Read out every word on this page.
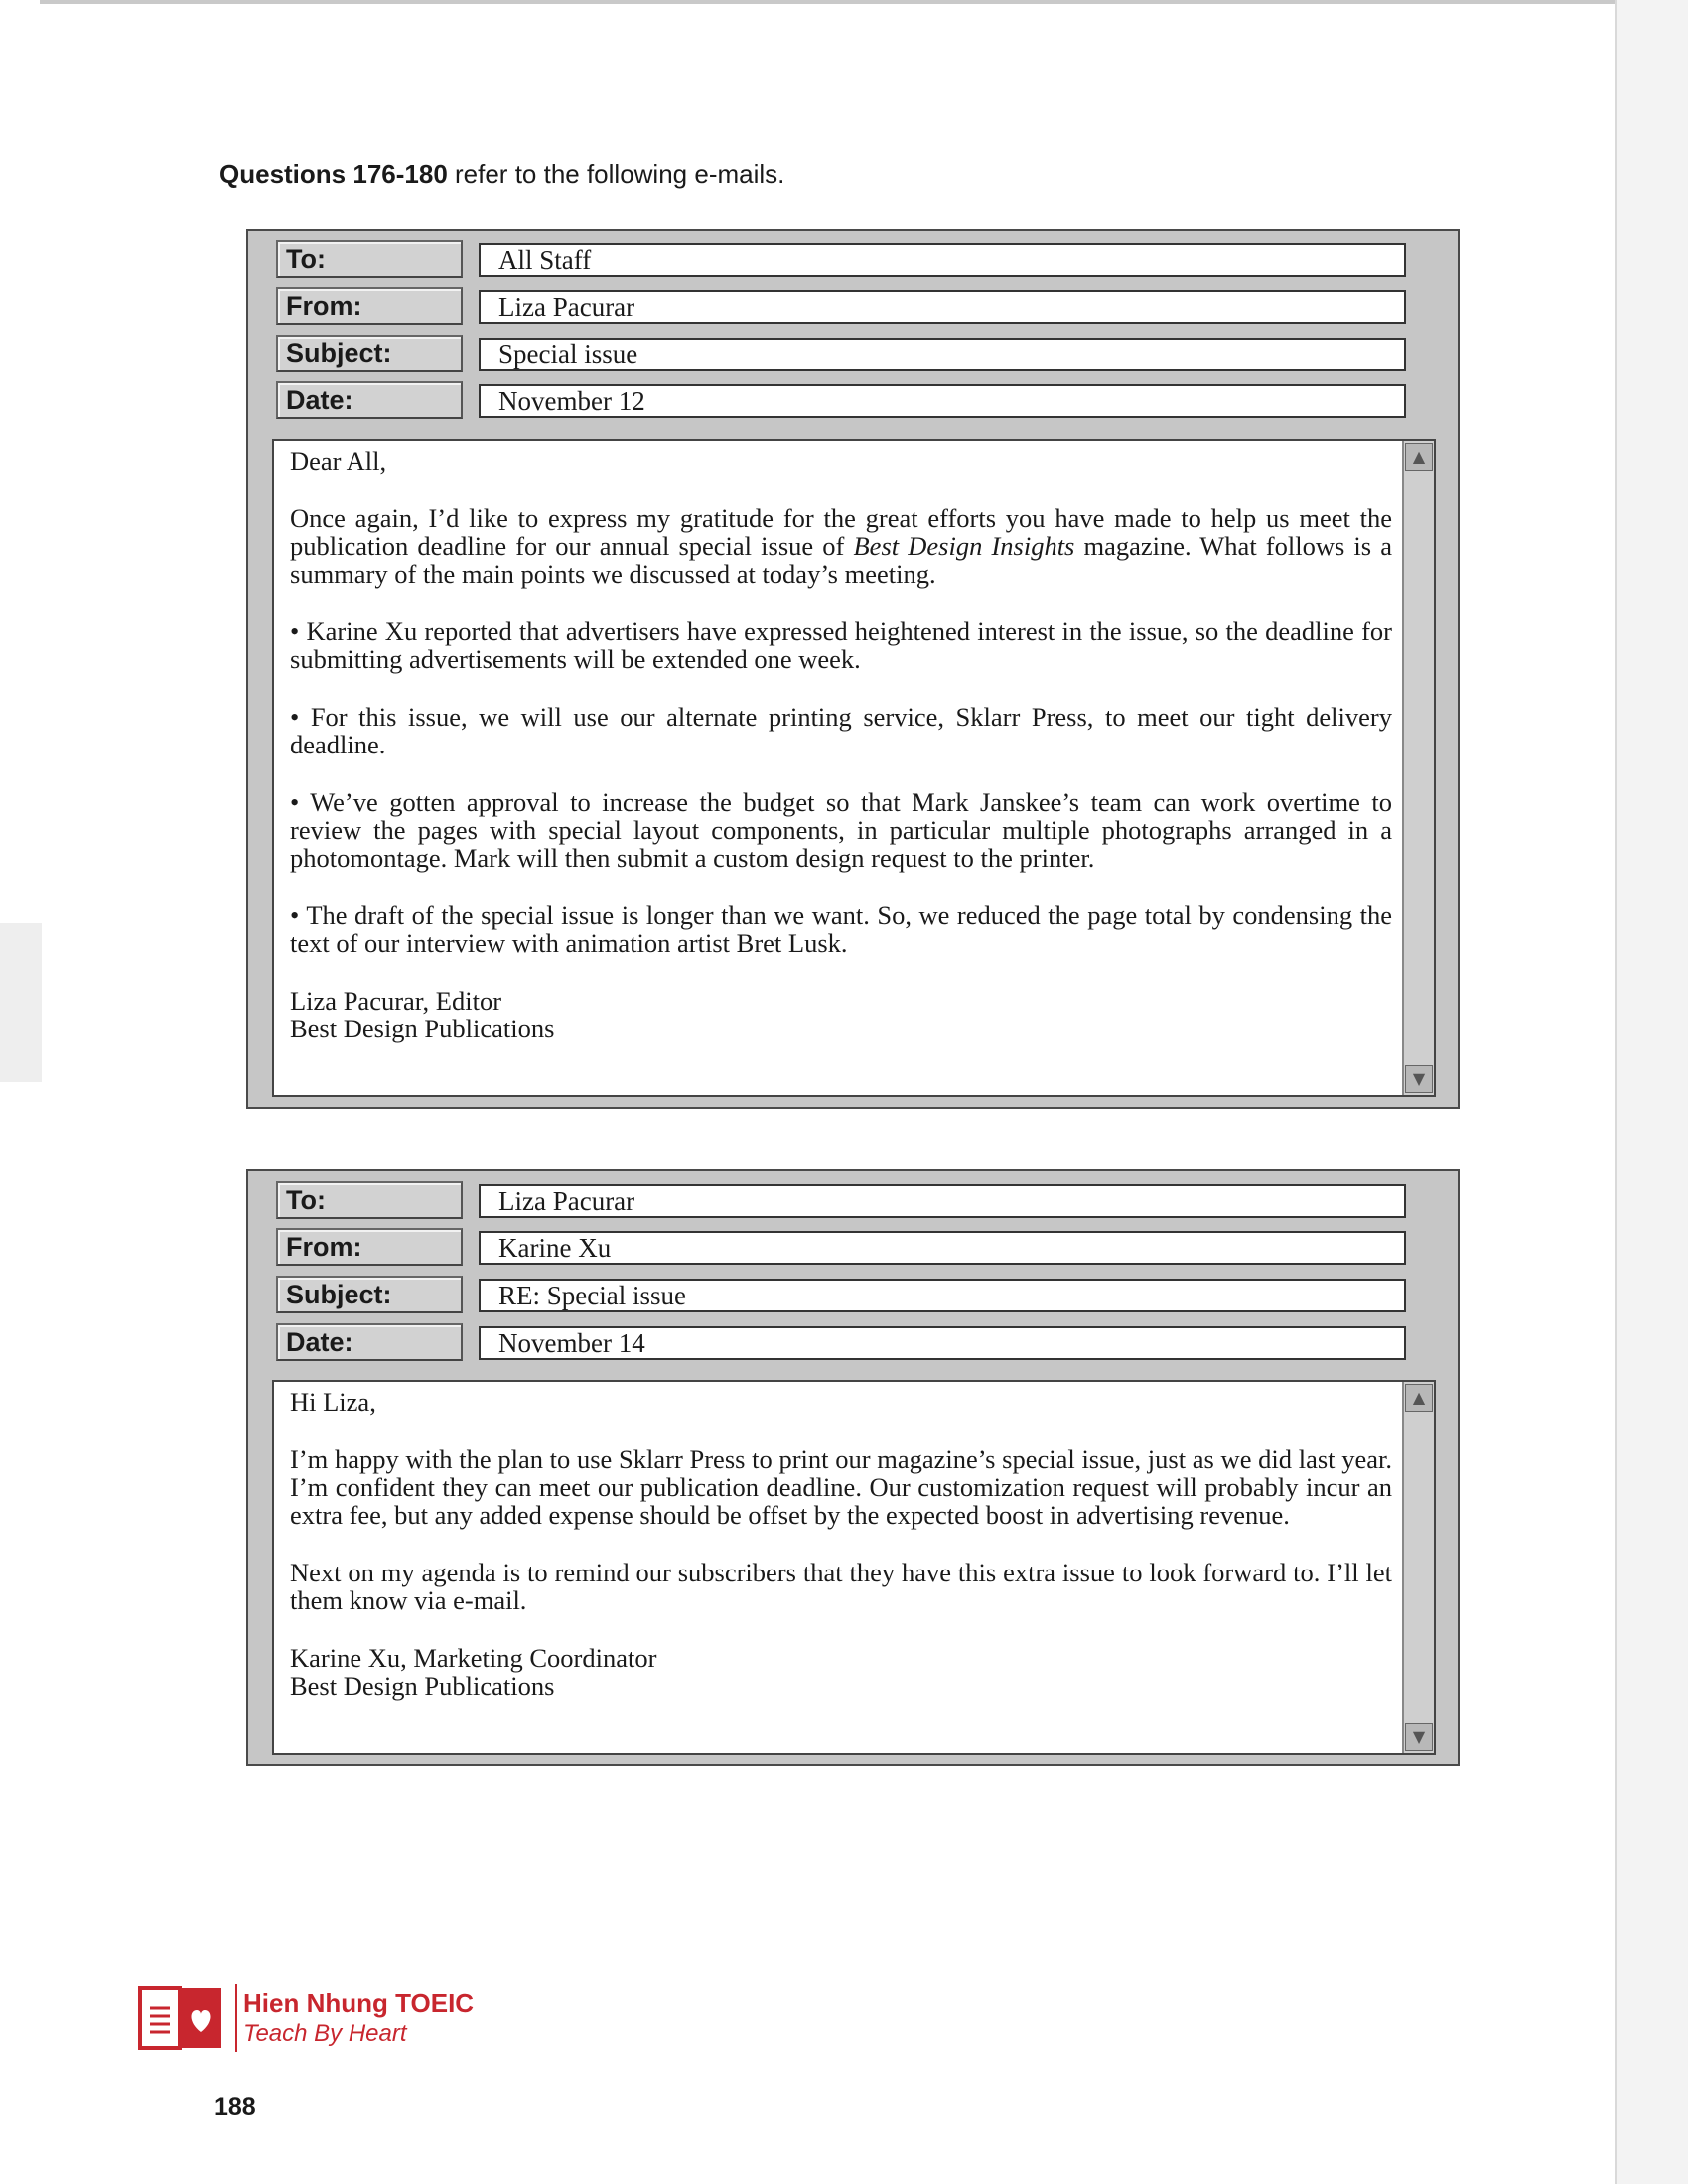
Questions 176-180 refer to the following e-mails.
To:	All Staff
From:	Liza Pacurar
Subject:	Special issue
Date:	November 12

Dear All,

Once again, I’d like to express my gratitude for the great efforts you have made to help us meet the publication deadline for our annual special issue of Best Design Insights magazine. What follows is a summary of the main points we discussed at today’s meeting.

• Karine Xu reported that advertisers have expressed heightened interest in the issue, so the deadline for submitting advertisements will be extended one week.

• For this issue, we will use our alternate printing service, Sklarr Press, to meet our tight delivery deadline.

• We’ve gotten approval to increase the budget so that Mark Janskee’s team can work overtime to review the pages with special layout components, in particular multiple photographs arranged in a photomontage. Mark will then submit a custom design request to the printer.

• The draft of the special issue is longer than we want. So, we reduced the page total by condensing the text of our interview with animation artist Bret Lusk.

Liza Pacurar, Editor

Best Design Publications

▲
▼
To:	Liza Pacurar
From:	Karine Xu
Subject:	RE: Special issue
Date:	November 14

Hi Liza,

I’m happy with the plan to use Sklarr Press to print our magazine’s special issue, just as we did last year. I’m confident they can meet our publication deadline. Our customization request will probably incur an extra fee, but any added expense should be offset by the expected boost in advertising revenue.

Next on my agenda is to remind our subscribers that they have this extra issue to look forward to. I’ll let them know via e-mail.

Karine Xu, Marketing Coordinator

Best Design Publications

▲
▼
Hien Nhung TOEIC
Teach By Heart
188
